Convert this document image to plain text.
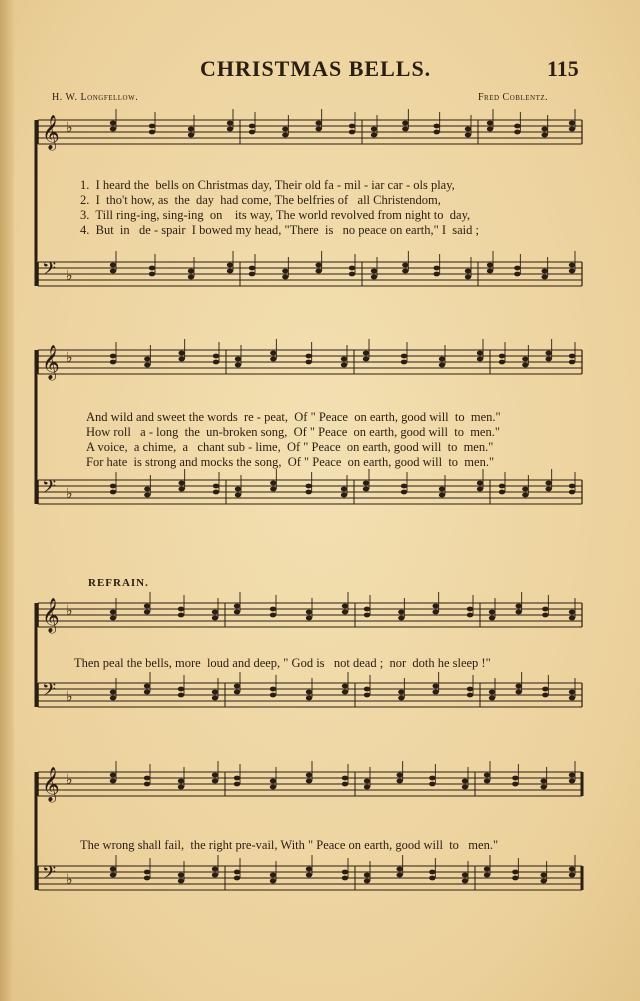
CHRISTMAS BELLS.	115
H. W. Longfellow.	Fred Coblentz.
𝄞 ♭
𝄢 ♭
𝄞 ♭
𝄢 ♭
𝄞 ♭
𝄢 ♭
𝄞 ♭
𝄢 ♭
1.  I heard the  bells on Christmas day, Their old fa - mil - iar car - ols play,
2.  I  tho't how, as  the  day  had come, The belfries of   all Christendom,
3.  Till ring-ing, sing-ing  on    its way, The world revolved from night to  day,
4.  But  in   de - spair  I bowed my head, "There  is   no peace on earth," I  said ;
And wild and sweet the words  re - peat,  Of " Peace  on earth, good will  to  men."
How roll   a - long  the  un-broken song,  Of " Peace  on earth, good will  to  men."
A voice,  a chime,  a   chant sub - lime,  Of " Peace  on earth, good will  to  men."
For hate  is strong and mocks the song,  Of " Peace  on earth, good will  to  men."
REFRAIN.
Then peal the bells, more  loud and deep, " God is   not dead ;  nor  doth he sleep !"
The wrong shall fail,  the right pre-vail, With " Peace on earth, good will  to   men."
